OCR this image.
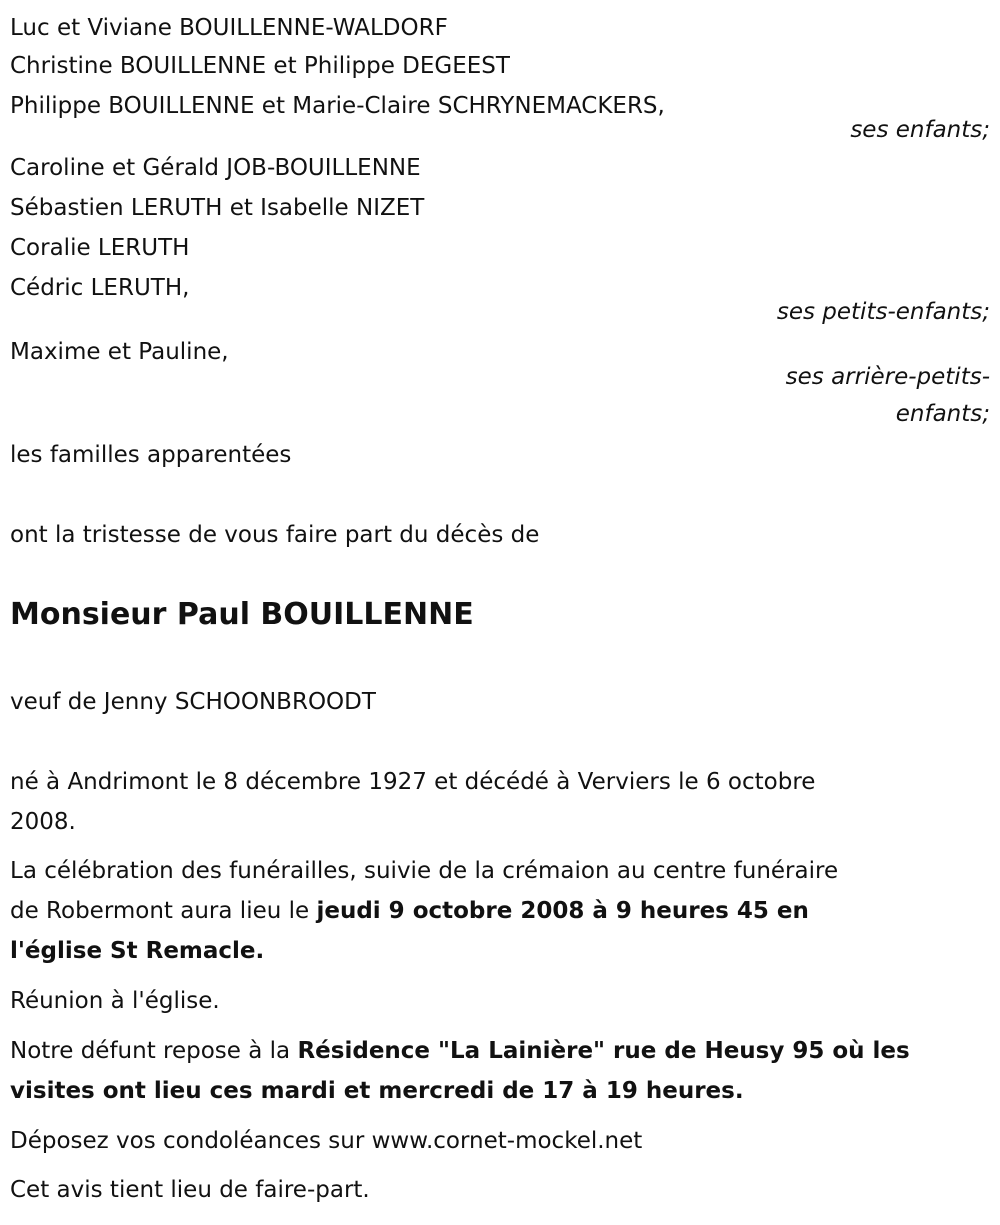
Luc et Viviane BOUILLENNE-WALDORF
Christine BOUILLENNE et Philippe DEGEEST
Philippe BOUILLENNE et Marie-Claire SCHRYNEMACKERS,
ses enfants;
Caroline et Gérald JOB-BOUILLENNE
Sébastien LERUTH et Isabelle NIZET
Coralie LERUTH
Cédric LERUTH,
ses petits-enfants;
Maxime et Pauline,
ses arrière-petits-
enfants;
les familles apparentées
ont la tristesse de vous faire part du décès de
Monsieur Paul BOUILLENNE
veuf de Jenny SCHOONBROODT
né à Andrimont le 8 décembre 1927 et décédé à Verviers le 6 octobre
2008.
La célébration des funérailles, suivie de la crémaion au centre funéraire
de Robermont aura lieu le jeudi 9 octobre 2008 à 9 heures 45 en
l'église St Remacle.
Réunion à l'église.
Notre défunt repose à la Résidence "La Lainière" rue de Heusy 95 où les
visites ont lieu ces mardi et mercredi de 17 à 19 heures.
Déposez vos condoléances sur www.cornet-mockel.net
Cet avis tient lieu de faire-part.
